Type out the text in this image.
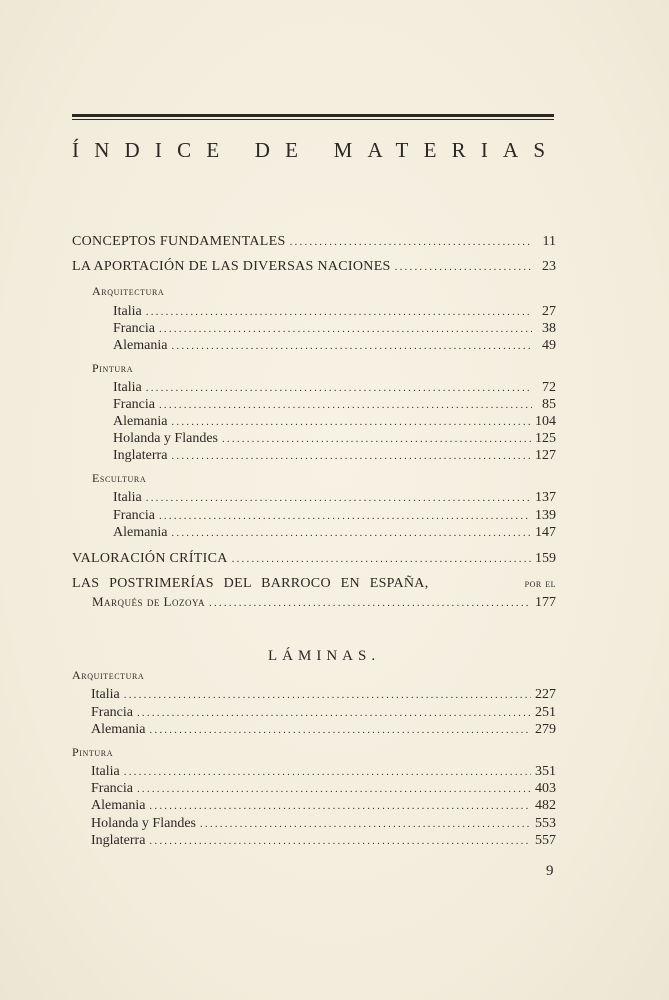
ÍNDICE DE MATERIAS
CONCEPTOS FUNDAMENTALES .....	11
LA APORTACIÓN DE LAS DIVERSAS NACIONES .....	23
Arquitectura
Italia .....	27
Francia .....	38
Alemania .....	49
Pintura
Italia .....	72
Francia .....	85
Alemania .....	104
Holanda y Flandes .....	125
Inglaterra .....	127
Escultura
Italia .....	137
Francia .....	139
Alemania .....	147
VALORACIÓN CRÍTICA .....	159
LAS POSTRIMERÍAS DEL BARROCO EN ESPAÑA,	por el
Marqués de Lozoya .....	177
LÁMINAS.
Arquitectura
Italia .....	227
Francia .....	251
Alemania .....	279
Pintura
Italia .....	351
Francia .....	403
Alemania .....	482
Holanda y Flandes .....	553
Inglaterra .....	557
9
